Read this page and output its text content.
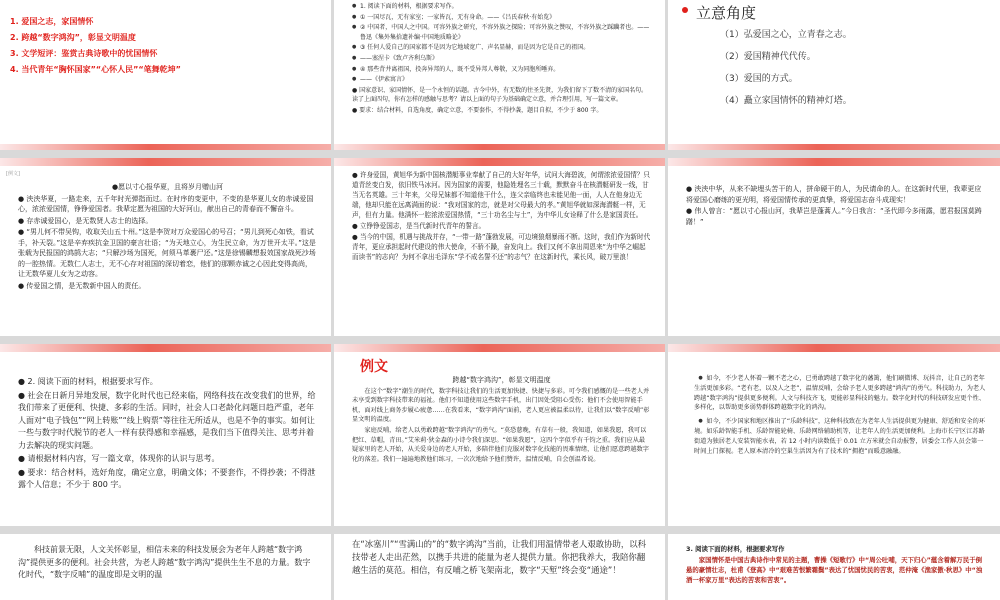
1. 爱国之志，家国情怀
2. 跨越“数字鸿沟”，彰显文明温度
3. 文学短评：鉴赏古典诗歌中的忧国情怀
4. 当代青年“胸怀国家”“心怀人民”“笔舞乾坤”

● 1. 阅读下面的材料，根据要求写作。

● ① 一国尽瓦，无有家室；一家皆瓦，无有身命。——《吕氏春秋·有始览》

● ② 中国者，中国人之中国。可容外族之研究，不容外族之探险；可容外族之赞叹，不容外族之踩躏者也。——鲁迅《集外集拾遗补编·中国地质略论》

● ③ 任何人爱自己的国家都不是因为它地域宽广、声名显赫，而是因为它是自己的祖国。

● ——塞涅卡《致卢齐利乌斯》

● ④ 那些背井离祖国，投奔异邦的人，既不受异邦人尊敬，又为同胞所唾弃。

● ——《伊索寓言》

● 国家意识、家国情怀，是一个永恒的话题。古今中外，有无数的往圣先贤，为我们留下了数不清的家国名句。读了上面四句，你有怎样的感触与思考？请以上面的句子为基础确定立意，并合理引用，写一篇文章。

● 要求：结合材料，自选角度，确定立意，不要套作，不得抄袭，题目自拟，不少于 800 字。

立意角度
（1）弘爱国之心，立青春之志。
（2）爱国精神代代传。
（3）爱国的方式。
（4）矗立家国情怀的精神灯塔。
[例文]

●愿以寸心报华夏，且将岁月赠山河

● 泱泱华夏，一路走来，五千年时光弹指而过。在时序的变更中，不变的是华夏儿女的赤诚爱国心，浓浓爱国情，铮铮爱国者。我辈定愿为祖国的大好河山，献出自己的青春而不懈奋斗。

● 存赤诚爱国心，是无数贤人志士的选择。

● “男儿何不带吴钩，收取关山五十州。”这是李贺对万众爱国心的号召；“男儿到死心如铁，看试手，补天裂。”这是辛弃疾抗金卫国的豪言壮语；“为天地立心，为生民立命，为万世开太平。”这是张载为民报国的鸿鹄大志；“只解沙场为国死，何须马革裹尸还。”这是徐锡麟想报效国家战死沙场的一腔热情。无数仁人志士，无不心存对祖国的深切着恋，他们的那颗赤诚之心因此变得高尚，让无数华夏儿女为之动容。

● 传爱国之情，是无数新中国人的责任。

● 许身爱国，黄旭华为新中国核潜艇事业奉献了自己的大好年华，试问大海碧波，何谓浓浓爱国情？只道青丝变白发，依旧铁马冰河。因为国家的需要，他隐姓埋名三十载，默默奋斗在核潜艇研发一线，甘当无名英雄。三十年来，父母兄妹都不知道他干什么，连父亲临终也未能见他一面，人人在他身边无端，他却只能在远离满面的说：“我对国家的忠，就是对父母最大的孝。”黄旭华就如深海潜艇一样，无声，但有力量。他满怀一腔浓浓爱国热情，“三十功名尘与土”，为中华儿女诠释了什么是家国责任。

● 立铮铮爱国志，是当代新时代青年的誓言。

● 当今的中国，机遇与挑战并存，“一带一路”蓬勃发展，可边境狼烟暴雨不断。这时，我们作为新时代青年，更应承担起时代建设的伟大使命，不骄不躁，奋发向上。我们又何不拿出周恩来“为中华之崛起而读书”的志向？为何不拿出毛泽东“学不成名誓不还”的志气？在这新时代，乘长风，破万里浪！

● 泱泱中华，从来不缺埋头苦干的人，拼命硬干的人，为民请命的人。在这新时代里，我辈更应将爱国心磨练的更光明，将爱国情传承的更真挚，将爱国志奋斗成现实！

● 伟人曾言：“愿以寸心报山河，我辈岂是蓬蒿人。”今日我言：“圣代即今多雨露，愿君报国莫踌躇！”

● 2. 阅读下面的材料，根据要求写作。

● 社会在日新月异地发展，数字化时代也已经来临，网络科技在改变我们的世界，给我们带来了更便利、快捷、多彩的生活。同时，社会人口老龄化问题日趋严重，老年人面对“电子钱包”“网上转账”“线上购票”等往往无所适从，也是不争的事实。如何让一些与数字时代脱节的老人一样有获得感和幸福感，是我们当下值得关注、思考并着力去解决的现实问题。

● 请根据材料内容，写一篇文章，体现你的认识与思考。

● 要求：结合材料，选好角度，确定立意，明确文体；不要套作，不得抄袭；不得泄露个人信息；不少于 800 字。

例文

跨越“数字鸿沟”，彰显文明温度

在这个“数字”潮生的时代，数字科技让我们的生活更加快捷、快捷与多彩。可令我们感慨的是一些老人并未享受到数字科技带来的福祉。他们不知道使用这些数字手机，出门因处受阻心受伤；他们不会使用智能手机，面对线上商务步履心疲惫……在我看来，“数字鸿沟”面前，老人更应被温柔以待，让我们以“数字反哺”彰显文明的温度。

家庭反哺，给老人以勇敢跨越“数字鸿沟”的勇气。“莫恐慈晚，有草有一般，我知道，如果我愿，我可以把红、草帽，青田。”艾米莉·狄金森的小诗令我们深思。“如果我愿”，这四个字似乎有千钧之重。我们应从最疑家里的老人开始，从关爱身边的老人开始，多陪伴他们克服对数字化技能的畏难情绪，让他们愿意跨越数字化的落差。我们一遍遍地教他们练习，一次次地给予他们赞许，温情反哺，自会创温希说。

● 如今，不少老人怀着一颗不老之心，已勇敢跨越了数字化的藩篱，他们刷微博、玩抖音，让自己的老年生活更加多彩。“老有老，以及人之老”，温情反哺，会给予老人更多跨越“鸿沟”的勇气。科技助力，为老人跨越“数字鸿沟”提供更多便利。人文与科技齐飞，更能彰显科技的魅力。数字化时代的科技研发应更个性、多样化，以帮助更多弱势群体跨越数字化的鸿沟。

● 如今，不少国家和地区推出了“乐龄科技”，这种科技致在为老年人生活提供更为健康、舒适和安全的环境。如乐龄智能手机、乐龄智能轮椅、乐龄网络辅助机等，让老年人的生活更加便利。上海市长宁区江苏路街道为独居老人安装智能水表，若 12 小时内读数低于 0.01 立方米就会自动报警，居委会工作人员会第一时间上门探视。老人原本清冷的空巢生活因为有了技术的“拥抱”而暖意融融。

科技前景无限，人文关怀彰显，相信未来的科技发展会为老年人跨越“数字鸿沟”提供更多的便利。社会共营，为老人跨越“数字鸿沟”提供生生不息的力量。数字化时代，“数字反哺”的温度即是文明的温

在“冰塞川”“雪满山的”的“数字鸿沟”当前，让我们用温情带老人艰敢协助，以科技带老人走出茫然，以携手共进的能量为老人提供力量。你把我养大，我陪你翻越生活的莫范。相信，有反哺之桥飞架南北，数字“天堑”终会变“通途”！

3. 阅读下面的材料，根据要求写作

家国情怀是中国古典诗作中常见的主题，曹操《短歌行》中“周公吐哺，天下归心”蕴含着解万民于倒悬的豪情壮志，杜甫《登高》中“艰难苦恨繁霜鬓”表达了忧国忧民的苦衷，范仲淹《渔家傲·秋思》中“浊酒一杯家万里”表达的苦衷和苦衷”。
